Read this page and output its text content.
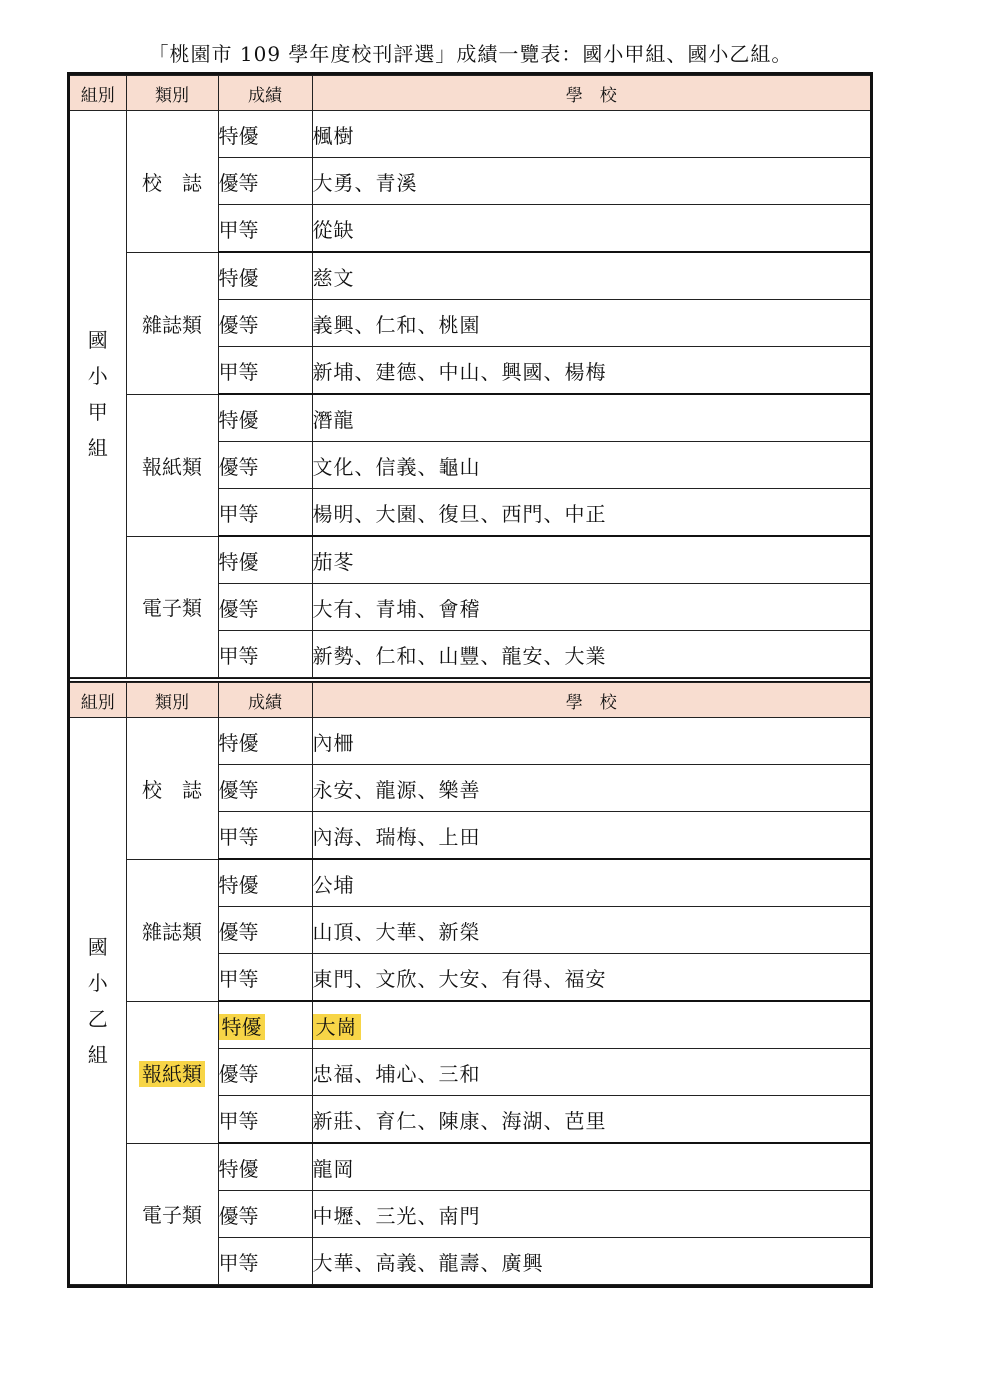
「桃園市 109 學年度校刊評選」成績一覽表：國小甲組、國小乙組。
組別	類別	成績	學　校

國
小
甲
組	校　誌	特優	楓樹
		優等	大勇、青溪
		甲等	從缺
	雜誌類	特優	慈文
		優等	義興、仁和、桃園
		甲等	新埔、建德、中山、興國、楊梅
	報紙類	特優	潛龍
		優等	文化、信義、龜山
		甲等	楊明、大園、復旦、西門、中正
	電子類	特優	茄苳
		優等	大有、青埔、會稽
		甲等	新勢、仁和、山豐、龍安、大業
組別	類別	成績	學　校

國
小
乙
組	校　誌	特優	內柵
		優等	永安、龍源、樂善
		甲等	內海、瑞梅、上田
	雜誌類	特優	公埔
		優等	山頂、大華、新榮
		甲等	東門、文欣、大安、有得、福安
	報紙類	特優	大崗
		優等	忠福、埔心、三和
		甲等	新莊、育仁、陳康、海湖、芭里
	電子類	特優	龍岡
		優等	中壢、三光、南門
		甲等	大華、高義、龍壽、廣興
